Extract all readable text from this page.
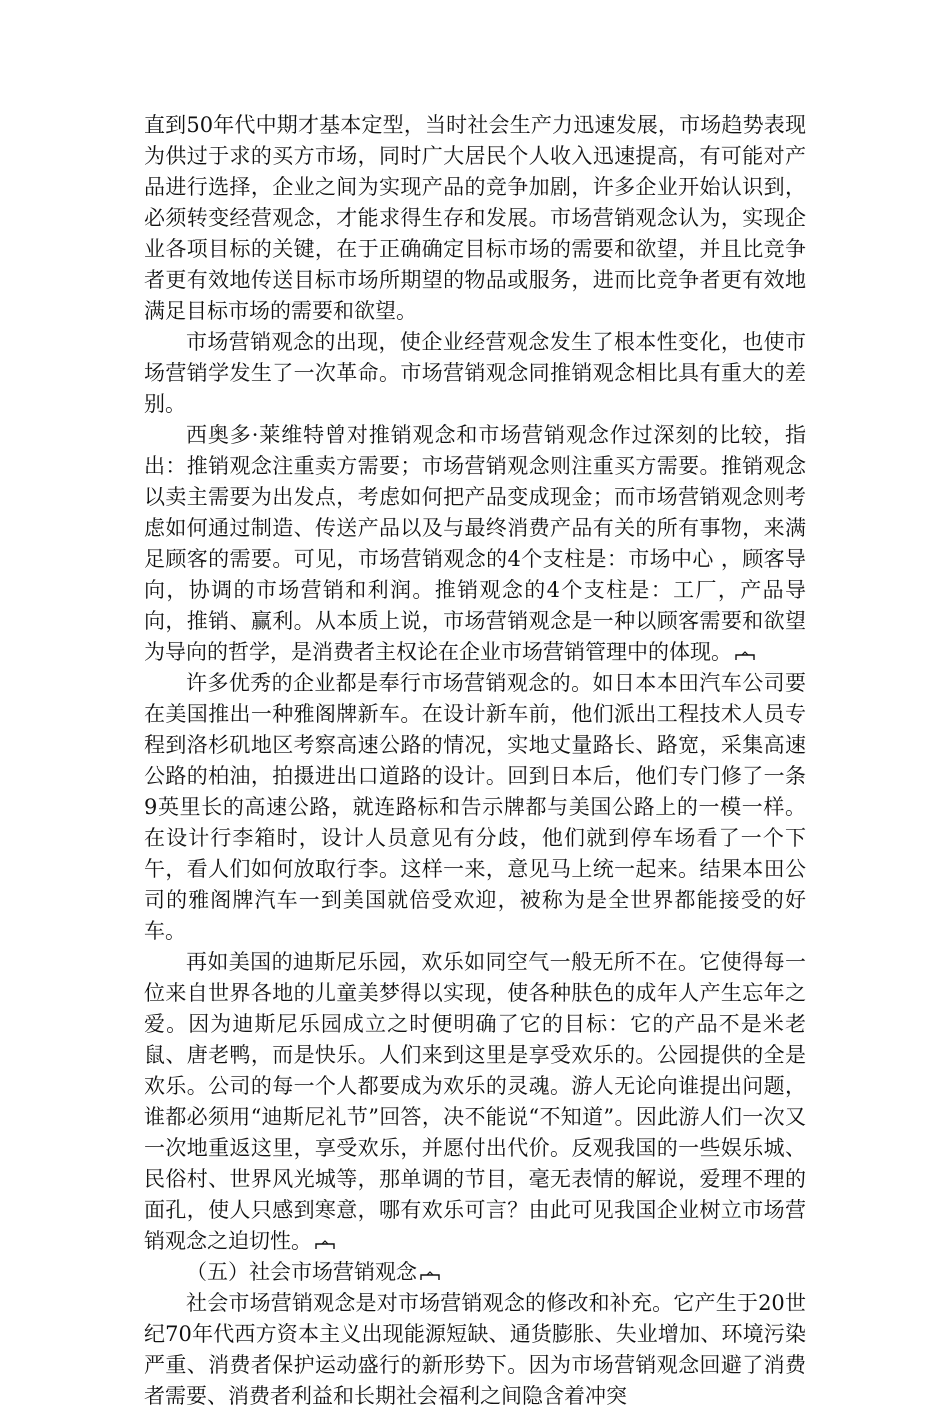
直到50年代中期才基本定型，当时社会生产力迅速发展，市场趋势表现为供过于求的买方市场，同时广大居民个人收入迅速提高，有可能对产品进行选择，企业之间为实现产品的竞争加剧，许多企业开始认识到，必须转变经营观念，才能求得生存和发展。市场营销观念认为，实现企业各项目标的关键，在于正确确定目标市场的需要和欲望，并且比竞争者更有效地传送目标市场所期望的物品或服务，进而比竞争者更有效地满足目标市场的需要和欲望。

市场营销观念的出现，使企业经营观念发生了根本性变化，也使市场营销学发生了一次革命。市场营销观念同推销观念相比具有重大的差别。

西奥多·莱维特曾对推销观念和市场营销观念作过深刻的比较，指出：推销观念注重卖方需要；市场营销观念则注重买方需要。推销观念以卖主需要为出发点，考虑如何把产品变成现金；而市场营销观念则考虑如何通过制造、传送产品以及与最终消费产品有关的所有事物，来满足顾客的需要。可见，市场营销观念的4个支柱是：市场中心 ，顾客导向，协调的市场营销和利润。推销观念的4个支柱是：工厂，产品导向，推销、赢利。从本质上说，市场营销观念是一种以顾客需要和欲望为导向的哲学，是消费者主权论在企业市场营销管理中的体现。

许多优秀的企业都是奉行市场营销观念的。如日本本田汽车公司要在美国推出一种雅阁牌新车。在设计新车前，他们派出工程技术人员专程到洛杉矶地区考察高速公路的情况，实地丈量路长、路宽，采集高速公路的柏油，拍摄进出口道路的设计。回到日本后，他们专门修了一条9英里长的高速公路，就连路标和告示牌都与美国公路上的一模一样。在设计行李箱时，设计人员意见有分歧，他们就到停车场看了一个下午，看人们如何放取行李。这样一来，意见马上统一起来。结果本田公司的雅阁牌汽车一到美国就倍受欢迎，被称为是全世界都能接受的好车。

再如美国的迪斯尼乐园，欢乐如同空气一般无所不在。它使得每一位来自世界各地的儿童美梦得以实现，使各种肤色的成年人产生忘年之爱。因为迪斯尼乐园成立之时便明确了它的目标：它的产品不是米老鼠、唐老鸭，而是快乐。人们来到这里是享受欢乐的。公园提供的全是欢乐。公司的每一个人都要成为欢乐的灵魂。游人无论向谁提出问题，谁都必须用“迪斯尼礼节”回答，决不能说“不知道”。因此游人们一次又一次地重返这里，享受欢乐，并愿付出代价。反观我国的一些娱乐城、民俗村、世界风光城等，那单调的节目，毫无表情的解说，爱理不理的面孔，使人只感到寒意，哪有欢乐可言？由此可见我国企业树立市场营销观念之迫切性。

（五）社会市场营销观念

社会市场营销观念是对市场营销观念的修改和补充。它产生于20世纪70年代西方资本主义出现能源短缺、通货膨胀、失业增加、环境污染严重、消费者保护运动盛行的新形势下。因为市场营销观念回避了消费者需要、消费者利益和长期社会福利之间隐含着冲突
